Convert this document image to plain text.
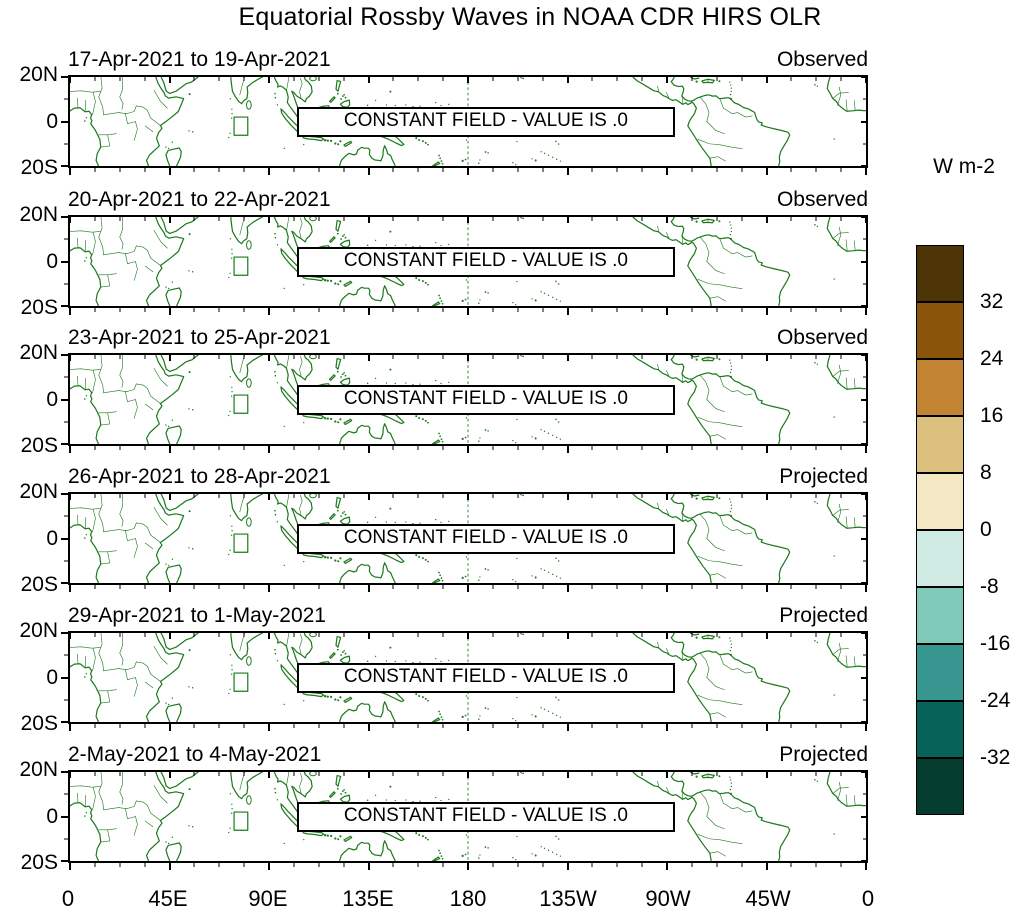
Equatorial Rossby Waves in NOAA CDR HIRS OLR
17-Apr-2021 to 19-Apr-2021	Observed
20N
0
20S
CONSTANT FIELD - VALUE IS .0
20-Apr-2021 to 22-Apr-2021	Observed
20N
0
20S
CONSTANT FIELD - VALUE IS .0
23-Apr-2021 to 25-Apr-2021	Observed
20N
0
20S
CONSTANT FIELD - VALUE IS .0
26-Apr-2021 to 28-Apr-2021	Projected
20N
0
20S
CONSTANT FIELD - VALUE IS .0
29-Apr-2021 to 1-May-2021	Projected
20N
0
20S
CONSTANT FIELD - VALUE IS .0
2-May-2021 to 4-May-2021	Projected
20N
0
20S
CONSTANT FIELD - VALUE IS .0
0	45E	90E 135E	180 135W 90W 45W	0
W m-2
32
24
16
8
0
-8
-16
-24
-32
